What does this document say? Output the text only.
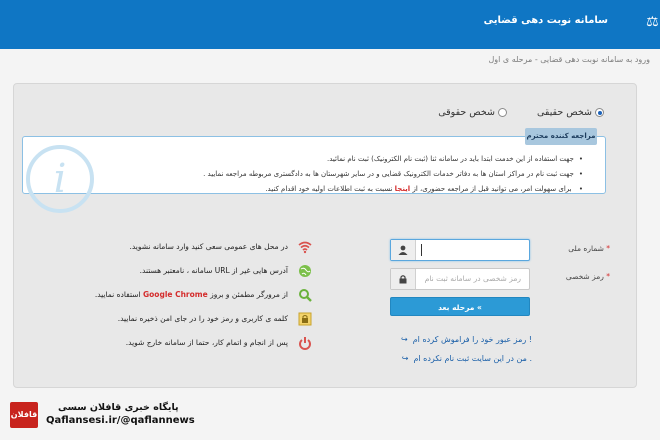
سامانه نوبت دهی قضایی	⚖
ورود به سامانه نوبت دهی قضایی - مرحله ی اول
شخص حقیقی
شخص حقوقی
• جهت استفاده از این خدمت ابتدا باید در سامانه ثنا (ثبت نام الکترونیک) ثبت نام نمائید.
• جهت ثبت نام در مراکز استان ها به دفاتر خدمات الکترونیک قضایی و در سایر شهرستان ها به دادگستری مربوطه مراجعه نمایید .
• برای سهولت امر، می توانید قبل از مراجعه حضوری، از اینجا نسبت به ثبت اطلاعات اولیه خود اقدام کنید.
مراجعه کننده محترم
i
در محل های عمومی سعی کنید وارد سامانه نشوید.
آدرس هایی غیر از URL سامانه ، نامعتبر هستند.
از مرورگر مطمئن و بروز Google Chrome استفاده نمایید.
کلمه ی کاربری و رمز خود را در جای امن ذخیره نمایید.
پس از انجام و اتمام کار، حتما از سامانه خارج شوید.
شماره ملی *
رمز شخصی *
رمز شخصی در سامانه ثبت نام
مرحله بعد «
↪ رمز عبور خود را فراموش کرده ام !
↪ من در این سایت ثبت نام نکرده ام .
قافلان
پایگاه خبری قافلان سسی
Qaflansesi.ir/@qaflannews
